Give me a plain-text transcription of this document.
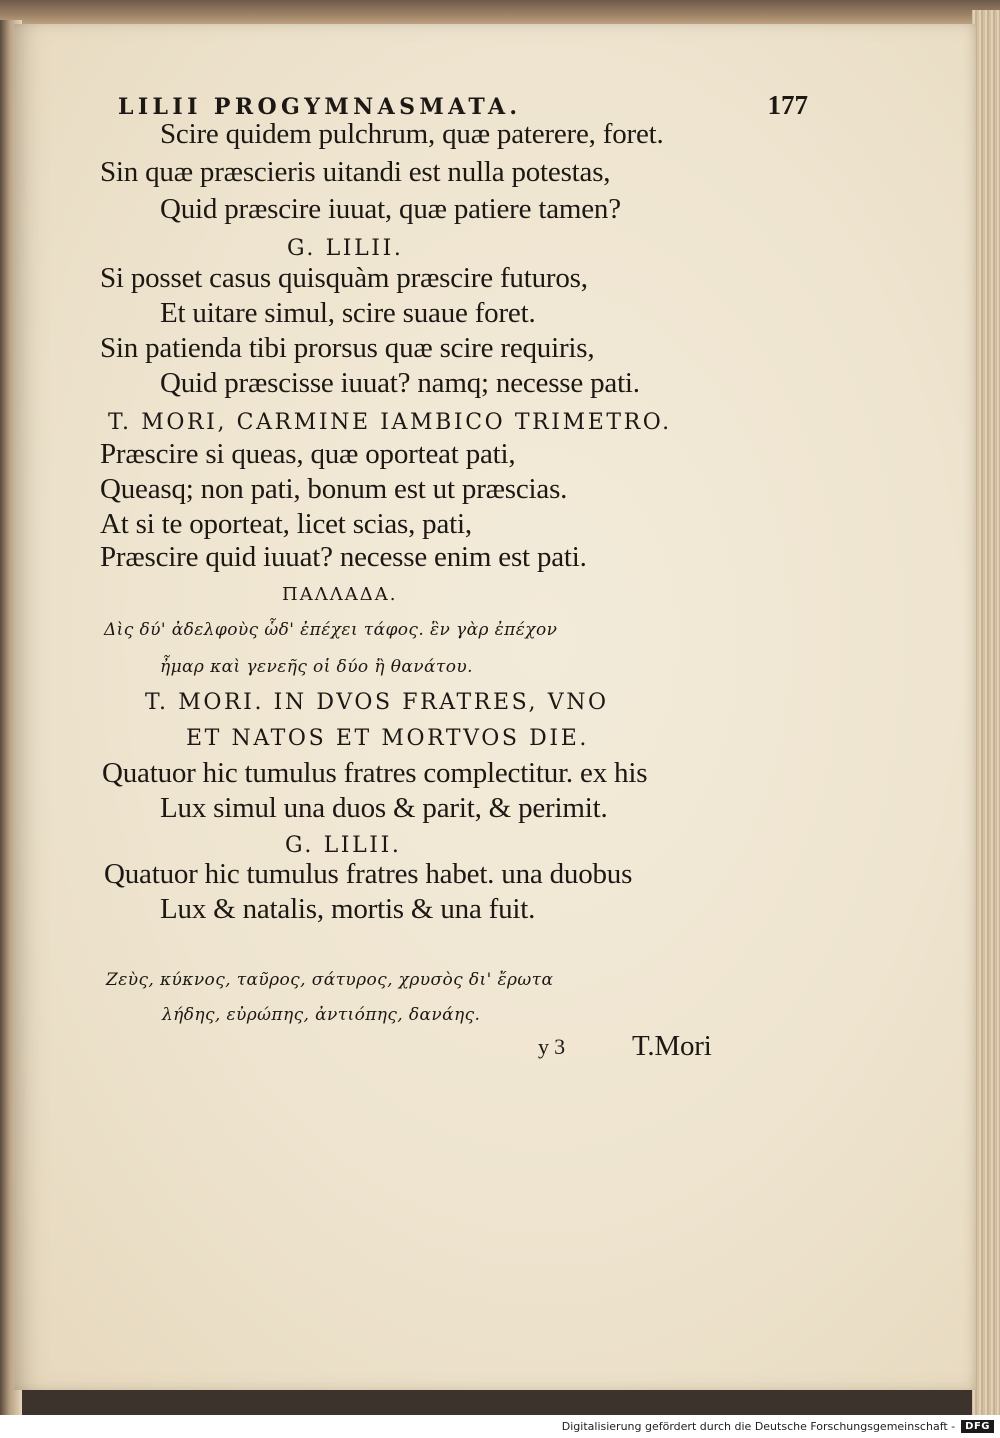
LILII PROGYMNASMATA.	177
Scire quidem pulchrum, quæ paterere, foret.
Sin quæ præscieris uitandi est nulla potestas,
Quid præscire iuuat, quæ patiere tamen?
G. LILII.
Si posset casus quisquàm præscire futuros,
Et uitare simul, scire suaue foret.
Sin patienda tibi prorsus quæ scire requiris,
Quid præscisse iuuat? namq; necesse pati.
T. MORI, CARMINE IAMBICO TRIMETRO.
Præscire si queas, quæ oporteat pati,
Queasq; non pati, bonum est ut præscias.
At si te oporteat, licet scias, pati,
Præscire quid iuuat? necesse enim est pati.
ΠΑΛΛΑΔΑ.
Δὶς δύ' ἀδελφοὺς ὧδ' ἐπέχει τάφος. ἓν γὰρ ἐπέχον
ἦμαρ καὶ γενεῆς οἱ δύο ἢ θανάτου.
T. MORI. IN DVOS FRATRES, VNO
ET NATOS ET MORTVOS DIE.
Quatuor hic tumulus fratres complectitur. ex his
Lux simul una duos & parit, & perimit.
G. LILII.
Quatuor hic tumulus fratres habet. una duobus
Lux & natalis, mortis & una fuit.
Ζεὺς, κύκνος, ταῦρος, σάτυρος, χρυσὸς δι' ἔρωτα
λήδης, εὐρώπης, ἀντιόπης, δανάης.
y 3 T.Mori
Digitalisierung gefördert durch die Deutsche Forschungsgemeinschaft -	DFG
